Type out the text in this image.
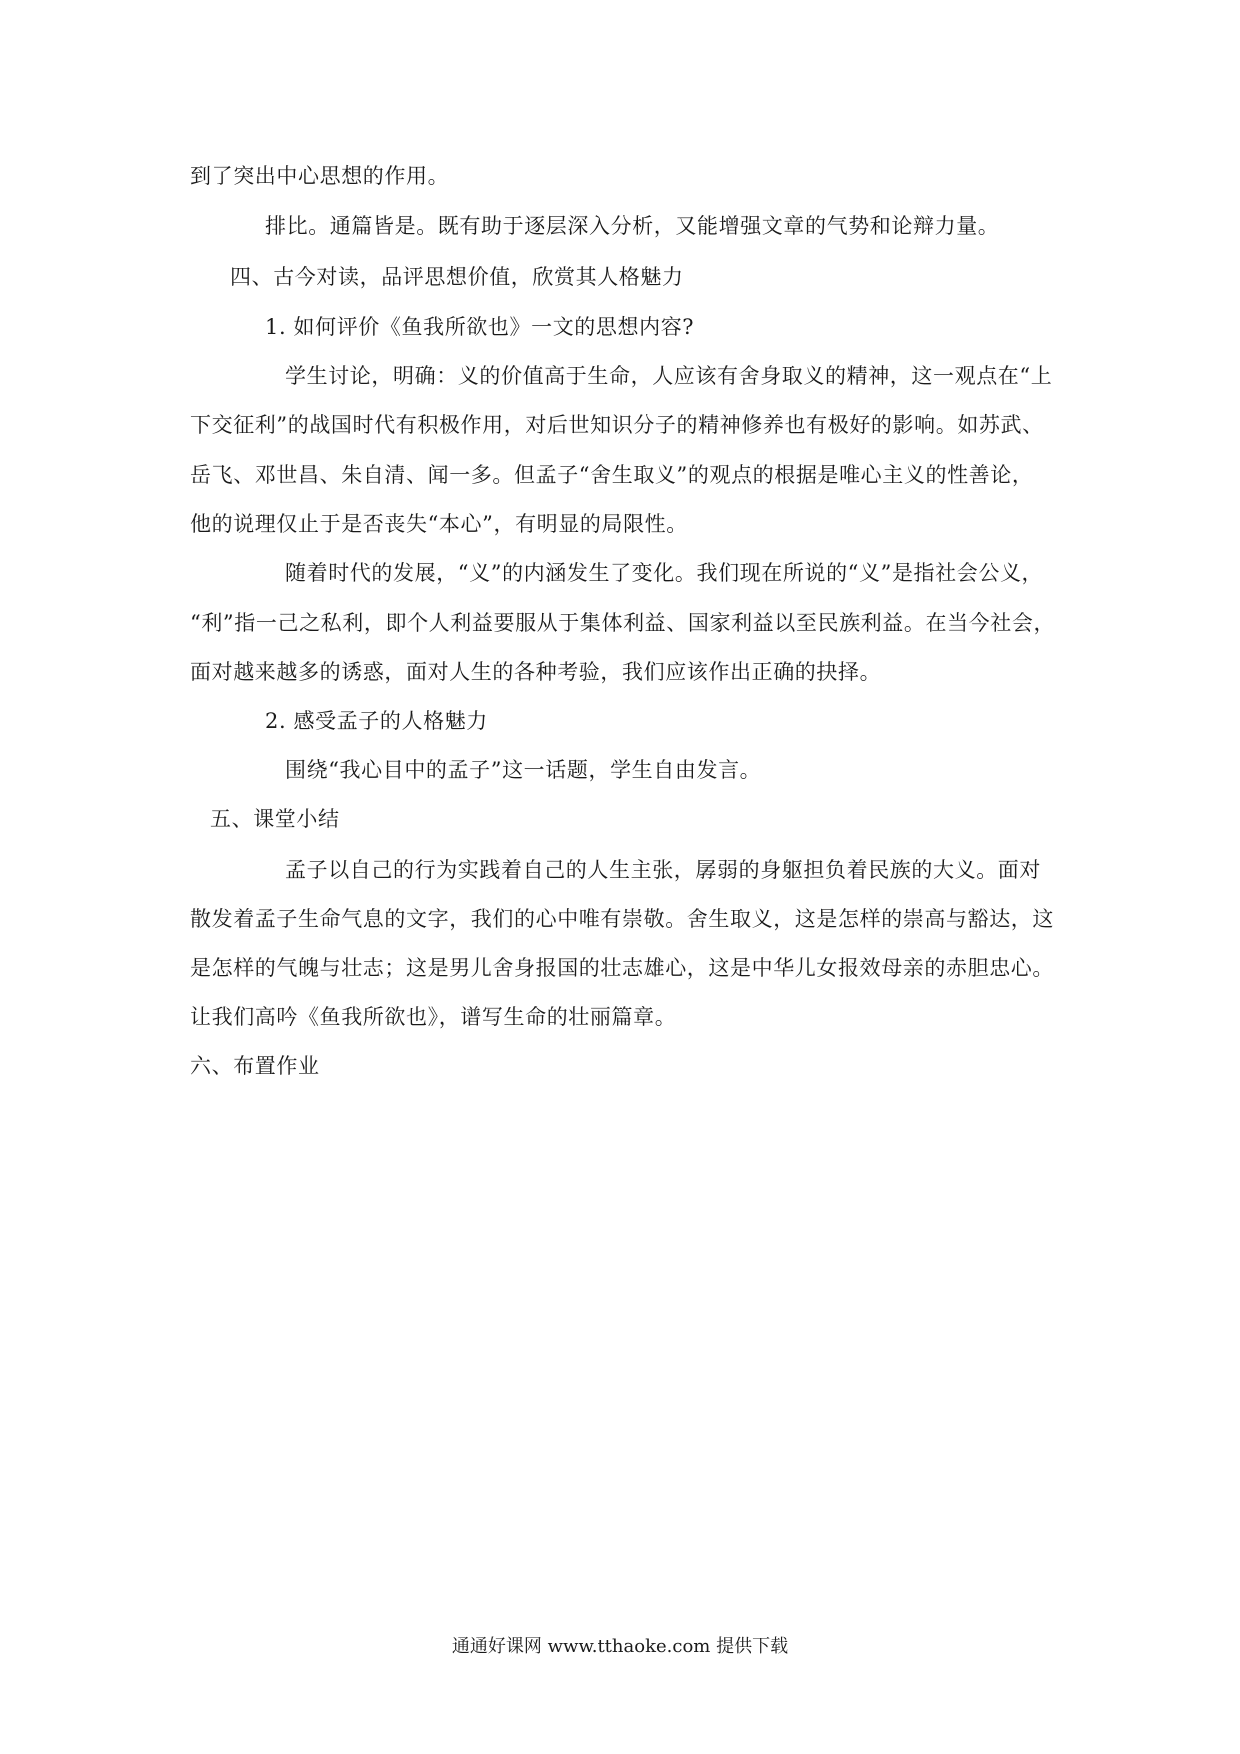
到了突出中心思想的作用。
排比。通篇皆是。既有助于逐层深入分析，又能增强文章的气势和论辩力量。
四、古今对读，品评思想价值，欣赏其人格魅力
1. 如何评价《鱼我所欲也》一文的思想内容?
学生讨论，明确：义的价值高于生命，人应该有舍身取义的精神，这一观点在“上
下交征利”的战国时代有积极作用，对后世知识分子的精神修养也有极好的影响。如苏武、
岳飞、邓世昌、朱自清、闻一多。但孟子“舍生取义”的观点的根据是唯心主义的性善论，
他的说理仅止于是否丧失“本心”，有明显的局限性。
随着时代的发展，“义”的内涵发生了变化。我们现在所说的“义”是指社会公义，
“利”指一己之私利，即个人利益要服从于集体利益、国家利益以至民族利益。在当今社会，
面对越来越多的诱惑，面对人生的各种考验，我们应该作出正确的抉择。
2. 感受孟子的人格魅力
围绕“我心目中的孟子”这一话题，学生自由发言。
五、课堂小结
孟子以自己的行为实践着自己的人生主张，孱弱的身躯担负着民族的大义。面对
散发着孟子生命气息的文字，我们的心中唯有崇敬。舍生取义，这是怎样的崇高与豁达，这
是怎样的气魄与壮志；这是男儿舍身报国的壮志雄心，这是中华儿女报效母亲的赤胆忠心。
让我们高吟《鱼我所欲也》，谱写生命的壮丽篇章。
六、布置作业
通通好课网 www.tthaoke.com 提供下载
